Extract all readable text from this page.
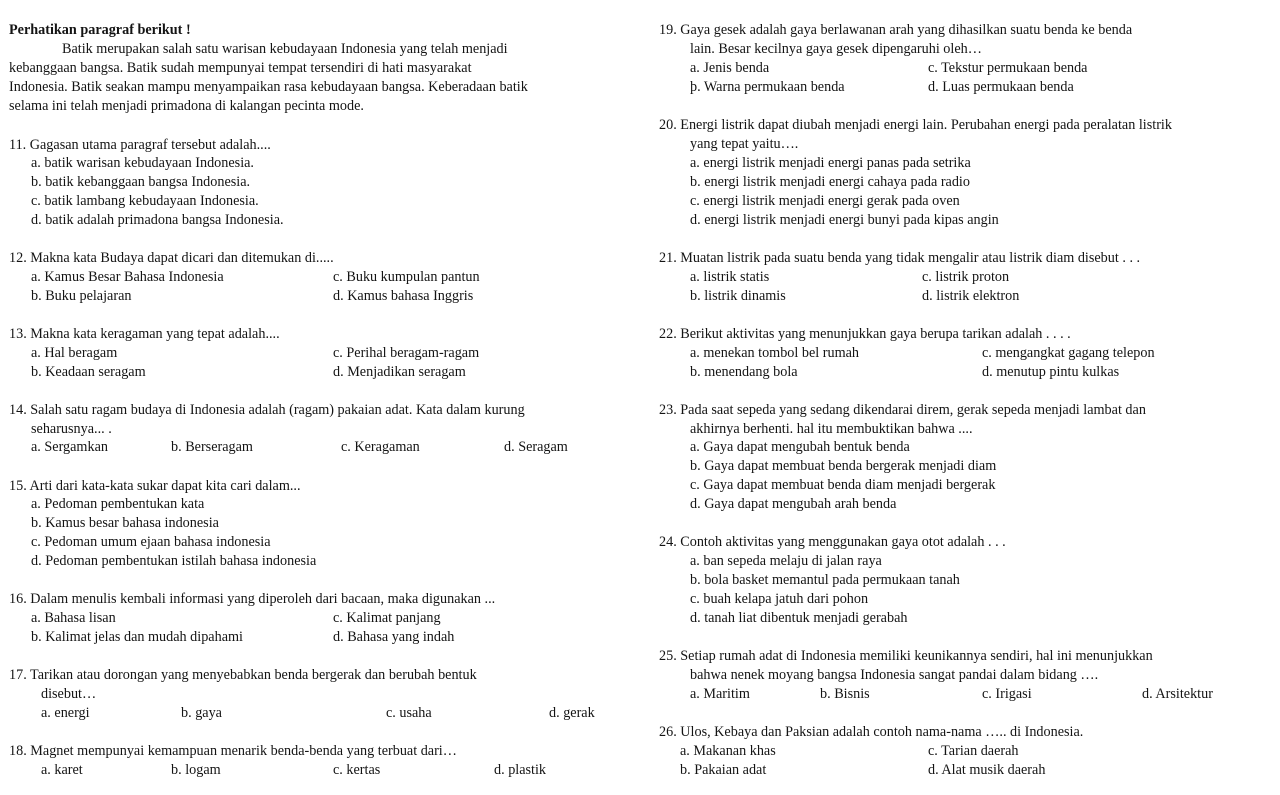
Perhatikan paragraf berikut !
Batik merupakan salah satu warisan kebudayaan Indonesia yang telah menjadi
kebanggaan bangsa. Batik sudah mempunyai tempat tersendiri di hati masyarakat
Indonesia. Batik seakan mampu menyampaikan rasa kebudayaan bangsa. Keberadaan batik
selama ini telah menjadi primadona di kalangan pecinta mode.
11. Gagasan utama paragraf tersebut adalah....
a. batik warisan kebudayaan Indonesia.
b. batik kebanggaan bangsa Indonesia.
c. batik lambang kebudayaan Indonesia.
d. batik adalah primadona bangsa Indonesia.
12. Makna kata Budaya dapat dicari dan ditemukan di.....
a. Kamus Besar Bahasa Indonesia	c. Buku kumpulan pantun
b. Buku pelajaran	d. Kamus bahasa Inggris
13. Makna kata keragaman yang tepat adalah....
a. Hal beragam	c. Perihal beragam-ragam
b. Keadaan seragam	d. Menjadikan seragam
14. Salah satu ragam budaya di Indonesia adalah (ragam) pakaian adat. Kata dalam kurung
seharusnya... .
a. Sergamkan	b. Berseragam	c. Keragaman	d. Seragam
15. Arti dari kata-kata sukar dapat kita cari dalam...
a. Pedoman pembentukan kata
b. Kamus besar bahasa indonesia
c. Pedoman umum ejaan bahasa indonesia
d. Pedoman pembentukan istilah bahasa indonesia
16. Dalam menulis kembali informasi yang diperoleh dari bacaan, maka digunakan ...
a. Bahasa lisan	c. Kalimat panjang
b. Kalimat jelas dan mudah dipahami	d. Bahasa yang indah
17. Tarikan atau dorongan yang menyebabkan benda bergerak dan berubah bentuk
disebut…
a. energi	b. gaya	c. usaha	d. gerak
18. Magnet mempunyai kemampuan menarik benda-benda yang terbuat dari…
a. karet	b. logam	c. kertas	d. plastik
19. Gaya gesek adalah gaya berlawanan arah yang dihasilkan suatu benda ke benda
lain. Besar kecilnya gaya gesek dipengaruhi oleh…
a. Jenis benda	c. Tekstur permukaan benda
þ. Warna permukaan benda	d. Luas permukaan benda
20. Energi listrik dapat diubah menjadi energi lain. Perubahan energi pada peralatan listrik
yang tepat yaitu….
a. energi listrik menjadi energi panas pada setrika
b. energi listrik menjadi energi cahaya pada radio
c. energi listrik menjadi energi gerak pada oven
d. energi listrik menjadi energi bunyi pada kipas angin
21. Muatan listrik pada suatu benda yang tidak mengalir atau listrik diam disebut . . .
a. listrik statis	c. listrik proton
b. listrik dinamis	d. listrik elektron
22. Berikut aktivitas yang menunjukkan gaya berupa tarikan adalah . . . .
a. menekan tombol bel rumah	c. mengangkat gagang telepon
b. menendang bola	d. menutup pintu kulkas
23. Pada saat sepeda yang sedang dikendarai direm, gerak sepeda menjadi lambat dan
akhirnya berhenti. hal itu membuktikan bahwa ....
a. Gaya dapat mengubah bentuk benda
b. Gaya dapat membuat benda bergerak menjadi diam
c. Gaya dapat membuat benda diam menjadi bergerak
d. Gaya dapat mengubah arah benda
24. Contoh aktivitas yang menggunakan gaya otot adalah . . .
a. ban sepeda melaju di jalan raya
b. bola basket memantul pada permukaan tanah
c. buah kelapa jatuh dari pohon
d. tanah liat dibentuk menjadi gerabah
25. Setiap rumah adat di Indonesia memiliki keunikannya sendiri, hal ini menunjukkan
bahwa nenek moyang bangsa Indonesia sangat pandai dalam bidang ….
a. Maritim	b. Bisnis	c. Irigasi	d. Arsitektur
26. Ulos, Kebaya dan Paksian adalah contoh nama-nama ….. di Indonesia.
a. Makanan khas	c. Tarian daerah
b. Pakaian adat	d. Alat musik daerah
